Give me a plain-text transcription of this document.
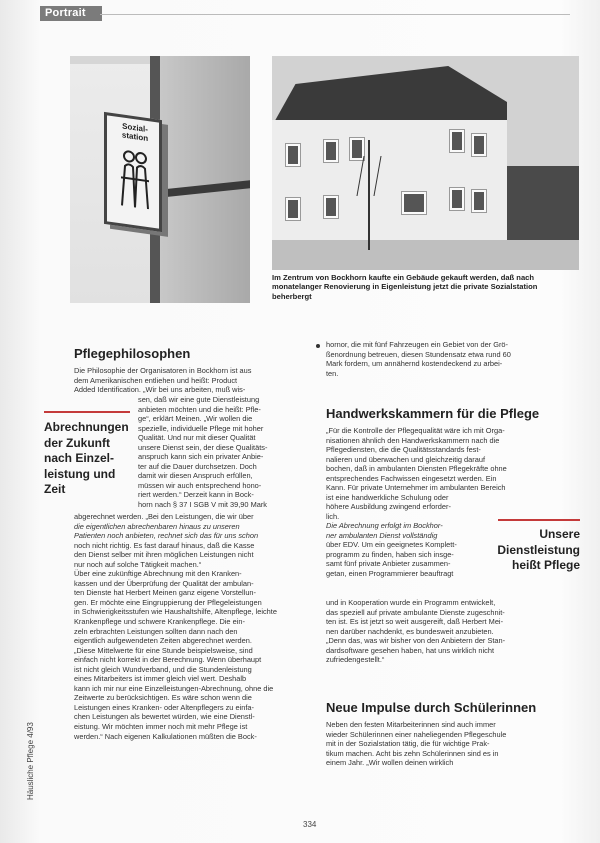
Portrait
Sozial-
station
Im Zentrum von Bockhorn kaufte ein Gebäude gekauft werden, daß nach monatelanger Renovierung in Eigenleistung jetzt die private Sozialstation beherbergt
Pflegephilosophen

Die Philosophie der Organisatoren in Bockhorn ist aus

dem Amerikanischen entliehen und heißt: Product

Added Identification. „Wir bei uns arbeiten, muß wis-

Abrechnungen
der Zukunft
nach Einzel-
leistung und
Zeit

sen, daß wir eine gute Dienstleistung

anbieten möchten und die heißt: Pfle-

ge“, erklärt Meinen. „Wir wollen die

spezielle, individuelle Pflege mit hoher

Qualität. Und nur mit dieser Qualität

unsere Dienst sein, der diese Qualitäts-

anspruch kann sich ein privater Anbie-

ter auf die Dauer durchsetzen. Doch

damit wir diesen Anspruch erfüllen,

müssen wir auch entsprechend hono-

riert werden.“ Derzeit kann in Bock-

horn nach § 37 I SGB V mit 39,90 Mark

abgerechnet werden. „Bei den Leistungen, die wir über

die eigentlichen abrechenbaren hinaus zu unseren

Patienten noch anbieten, rechnet sich das für uns schon

noch nicht richtig. Es fast darauf hinaus, daß die Kasse

den Dienst selber mit ihren möglichen Leistungen nicht

nur noch auf solche Tätigkeit machen.“

Über eine zukünftige Abrechnung mit den Kranken-

kassen und der Überprüfung der Qualität der ambulan-

ten Dienste hat Herbert Meinen ganz eigene Vorstellun-

gen. Er möchte eine Eingruppierung der Pflegeleistungen

in Schwierigkeitsstufen wie Haushaltshilfe, Altenpflege, leichte

Krankenpflege und schwere Krankenpflege. Die ein-

zeln erbrachten Leistungen sollten dann nach den

eigentlich aufgewendeten Zeiten abgerechnet werden.

„Diese Mittelwerte für eine Stunde beispielsweise, sind

einfach nicht korrekt in der Berechnung. Wenn überhaupt

ist nicht gleich Wundverband, und die Stundenleistung

eines Mitarbeiters ist immer gleich viel wert. Deshalb

kann ich mir nur eine Einzelleistungen-Abrechnung, ohne die

Zeitwerte zu berücksichtigen. Es wäre schon wenn die

Leistungen eines Kranken- oder Altenpflegers zu einfa-

chen Leistungen als bewertet würden, wie eine Dienstl-

eistung. Wir möchten immer noch mit mehr Pflege ist

werden.“ Nach eigenen Kalkulationen müßten die Bock-

hornor, die mit fünf Fahrzeugen ein Gebiet von der Grö-

ßenordnung betreuen, diesen Stundensatz etwa rund 60

Mark fordern, um annähernd kostendeckend zu arbei-

ten.

Handwerkskammern für die Pflege

„Für die Kontrolle der Pflegequalität wäre ich mit Orga-

nisationen ähnlich den Handwerkskammern nach die

Pflegediensten, die die Qualitätsstandards fest-

nalieren und überwachen und gleichzeitig darauf

bochen, daß in ambulanten Diensten Pflegekräfte ohne

entsprechendes Fachwissen eingesetzt werden. Ein

Kann. Für private Unternehmer im ambulanten Bereich

ist eine handwerkliche Schulung oder

höhere Ausbildung zwingend erforder-

lich.

Die Abrechnung erfolgt im Bockhor-

ner ambulanten Dienst vollständig

über EDV. Um ein geeignetes Komplett-

programm zu finden, haben sich insge-

samt fünf private Anbieter zusammen-

getan, einen Programmierer beauftragt

Unsere
Dienstleistung
heißt Pflege

und in Kooperation wurde ein Programm entwickelt,

das speziell auf private ambulante Dienste zugeschnit-

ten ist. Es ist jetzt so weit ausgereift, daß Herbert Mei-

nen darüber nachdenkt, es bundesweit anzubieten.

„Denn das, was wir bisher von den Anbietern der Stan-

dardsoftware gesehen haben, hat uns wirklich nicht

zufriedengestellt.“

Neue Impulse durch Schülerinnen

Neben den festen Mitarbeiterinnen sind auch immer

wieder Schülerinnen einer naheliegenden Pflegeschule

mit in der Sozialstation tätig, die für wichtige Prak-

tikum machen. Acht bis zehn Schülerinnen sind es in

einem Jahr. „Wir wollen deinen wirklich

Häusliche Pflege 4/93
334
